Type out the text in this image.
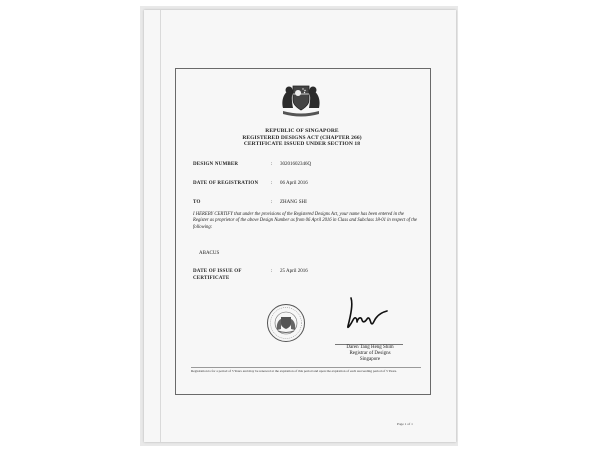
REPUBLIC OF SINGAPORE
REGISTERED DESIGNS ACT (CHAPTER 266)
CERTIFICATE ISSUED UNDER SECTION 18
DESIGN NUMBER	: 30201602346Q
DATE OF REGISTRATION	: 06 April 2016
TO	: ZHANG SHI
I HEREBY CERTIFY that under the provisions of the Registered Designs Act, your name has been entered in the Register as proprietor of the above Design Number as from 06 April 2016 in Class and Subclass 18-01 in respect of the following:
ABACUS
DATE OF ISSUE OF
CERTIFICATE
: 25 April 2016
Daren Tang Heng Shim
Registrar of Designs
Singapore
Registration is for a period of 5 Years and may be renewed at the expiration of this period and upon the expiration of each succeeding period of 5 Years.
Page 1 of 1
